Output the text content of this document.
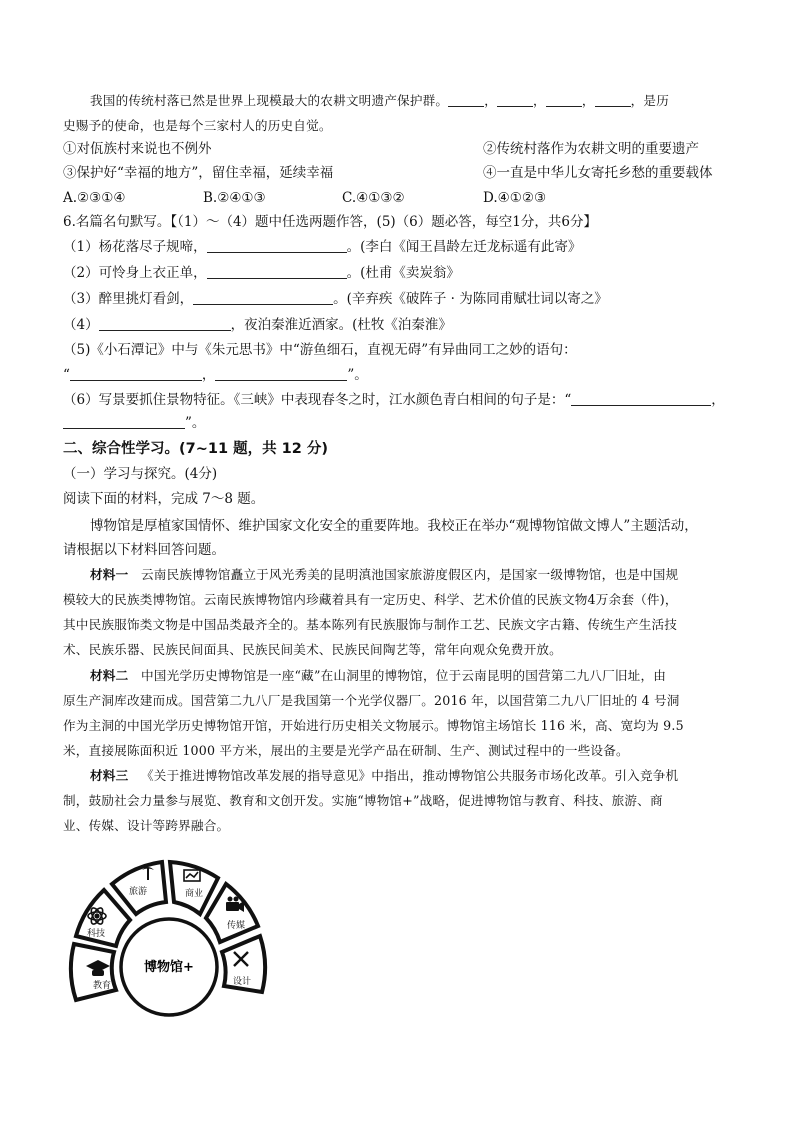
我国的传统村落已然是世界上现模最大的农耕文明遗产保护群。	，	，	，	，是历
史赐予的使命，也是每个三家村人的历史自觉。
①对佤族村来说也不例外	②传统村落作为农耕文明的重要遗产
③保护好“幸福的地方”，留住幸福，延续幸福	④一直是中华儿女寄托乡愁的重要载体
A.②③①④	B.②④①③	C.④①③②	D.④①②③
6.名篇名句默写。【（1）～（4）题中任选两题作答，(5)（6）题必答，每空1分，共6分】
（1）杨花落尽子规啼，	。(李白《闻王昌龄左迁龙标遥有此寄》
（2）可怜身上衣正单，	。(杜甫《卖炭翁》
（3）醉里挑灯看剑，	。(辛弃疾《破阵子 · 为陈同甫赋壮词以寄之》
（4）	，夜泊秦淮近酒家。(杜牧《泊秦淮》
（5)《小石潭记》中与《朱元思书》中“游鱼细石，直视无碍”有异曲同工之妙的语句：
“	，	”。
（6）写景要抓住景物特征。《三峡》中表现春冬之时，江水颜色青白相间的句子是：“	，
”。
二、综合性学习。(7~11 题，共 12 分)
（一）学习与探究。(4分)
阅读下面的材料，完成 7～8 题。
博物馆是厚植家国情怀、维护国家文化安全的重要阵地。我校正在举办“观博物馆做文博人”主题活动，
请根据以下材料回答问题。
材料一 云南民族博物馆矗立于风光秀美的昆明滇池国家旅游度假区内，是国家一级博物馆，也是中国规
模较大的民族类博物馆。云南民族博物馆内珍藏着具有一定历史、科学、艺术价值的民族文物4万余套（件)，
其中民族服饰类文物是中国品类最齐全的。基本陈列有民族服饰与制作工艺、民族文字古籍、传统生产生活技
术、民族乐器、民族民间面具、民族民间美术、民族民间陶艺等，常年向观众免费开放。
材料二 中国光学历史博物馆是一座“藏”在山洞里的博物馆，位于云南昆明的国营第二九八厂旧址，由
原生产洞库改建而成。国营第二九八厂是我国第一个光学仪器厂。2016 年，以国营第二九八厂旧址的 4 号洞
作为主洞的中国光学历史博物馆开馆，开始进行历史相关文物展示。博物馆主场馆长 116 米，高、宽均为 9.5
米，直接展陈面积近 1000 平方米，展出的主要是光学产品在研制、生产、测试过程中的一些设备。
材料三 《关于推进博物馆改革发展的指导意见》中指出，推动博物馆公共服务市场化改革。引入竞争机
制，鼓励社会力量参与展览、教育和文创开发。实施“博物馆+”战略，促进博物馆与教育、科技、旅游、商
业、传媒、设计等跨界融合。
博物馆+
教育
科技
旅游	商业
传媒
设计
